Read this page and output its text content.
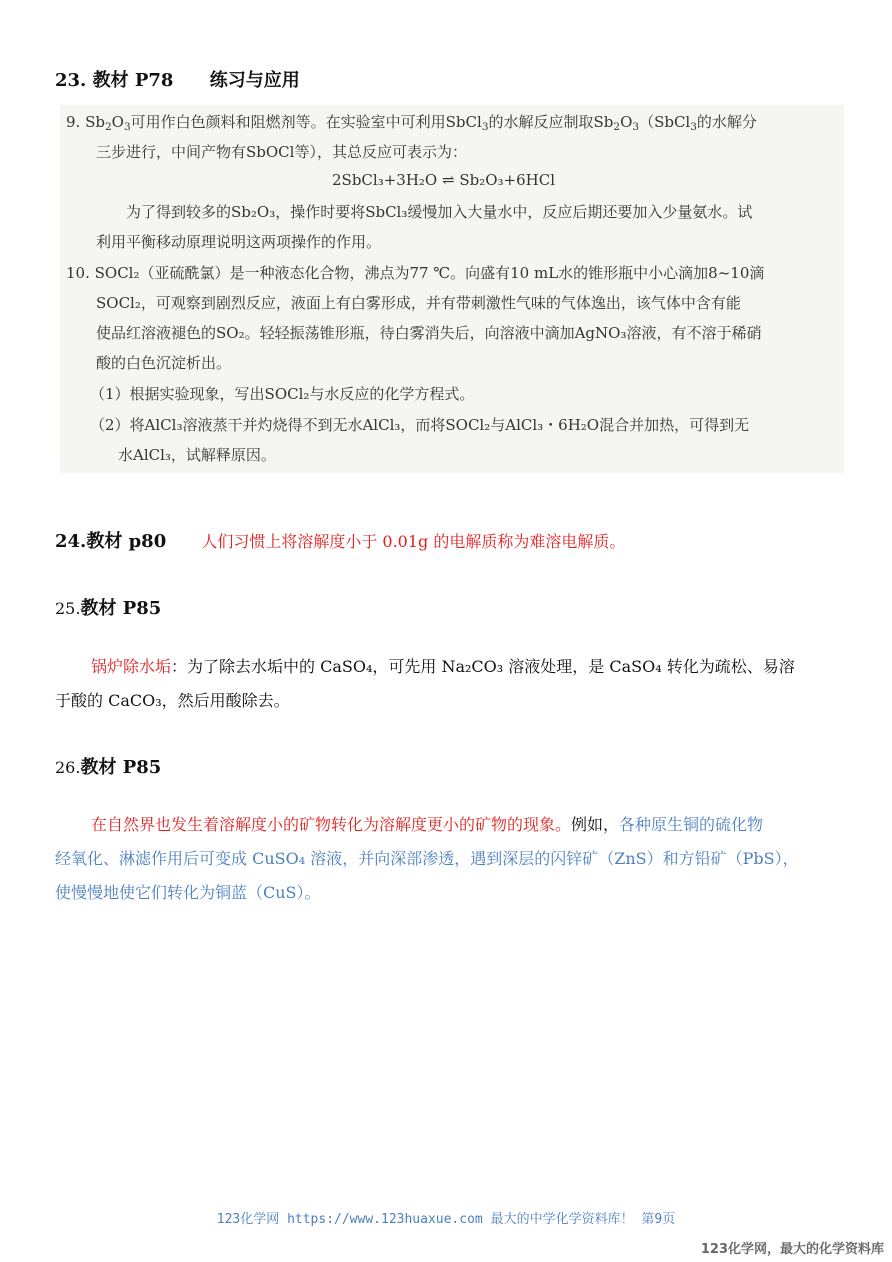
23. 教材 P78 练习与应用

9. $Sb_2O_3$可用作白色颜料和阻燃剂等。在实验室中可利用SbCl$_3$的水解反应制取$Sb_2O_3(SbCl_3$的水解分

三步进行，中间产物有SbOCl等），其总反应可表示为：

2SbCl₃+3H₂O ⇌ Sb₂O₃+6HCl

为了得到较多的Sb₂O₃，操作时要将SbCl₃缓慢加入大量水中，反应后期还要加入少量氨水。试

利用平衡移动原理说明这两项操作的作用。

10. SOCl₂（亚硫酰氯）是一种液态化合物，沸点为77 ℃。向盛有10 mL水的锥形瓶中小心滴加8~10滴

SOCl₂，可观察到剧烈反应，液面上有白雾形成，并有带刺激性气味的气体逸出，该气体中含有能

使品红溶液褪色的SO₂。轻轻振荡锥形瓶，待白雾消失后，向溶液中滴加AgNO₃溶液，有不溶于稀硝

酸的白色沉淀析出。

（1）根据实验现象，写出SOCl₂与水反应的化学方程式。

（2）将AlCl₃溶液蒸干并灼烧得不到无水AlCl₃，而将SOCl₂与AlCl₃・6H₂O混合并加热，可得到无

水AlCl₃，试解释原因。

24.教材 p80 人们习惯上将溶解度小于 0.01g 的电解质称为难溶电解质。
25.教材 P85
锅炉除水垢：为了除去水垢中的 CaSO₄，可先用 Na₂CO₃ 溶液处理，是 CaSO₄ 转化为疏松、易溶
于酸的 CaCO₃，然后用酸除去。
26.教材 P85
在自然界也发生着溶解度小的矿物转化为溶解度更小的矿物的现象。例如，各种原生铜的硫化物
经氧化、淋滤作用后可变成 CuSO₄ 溶液，并向深部渗透，遇到深层的闪锌矿（ZnS）和方铅矿（PbS），
使慢慢地使它们转化为铜蓝（CuS）。
123化学网 https://www.123huaxue.com 最大的中学化学资料库！ 第9页
123化学网，最大的化学资料库
